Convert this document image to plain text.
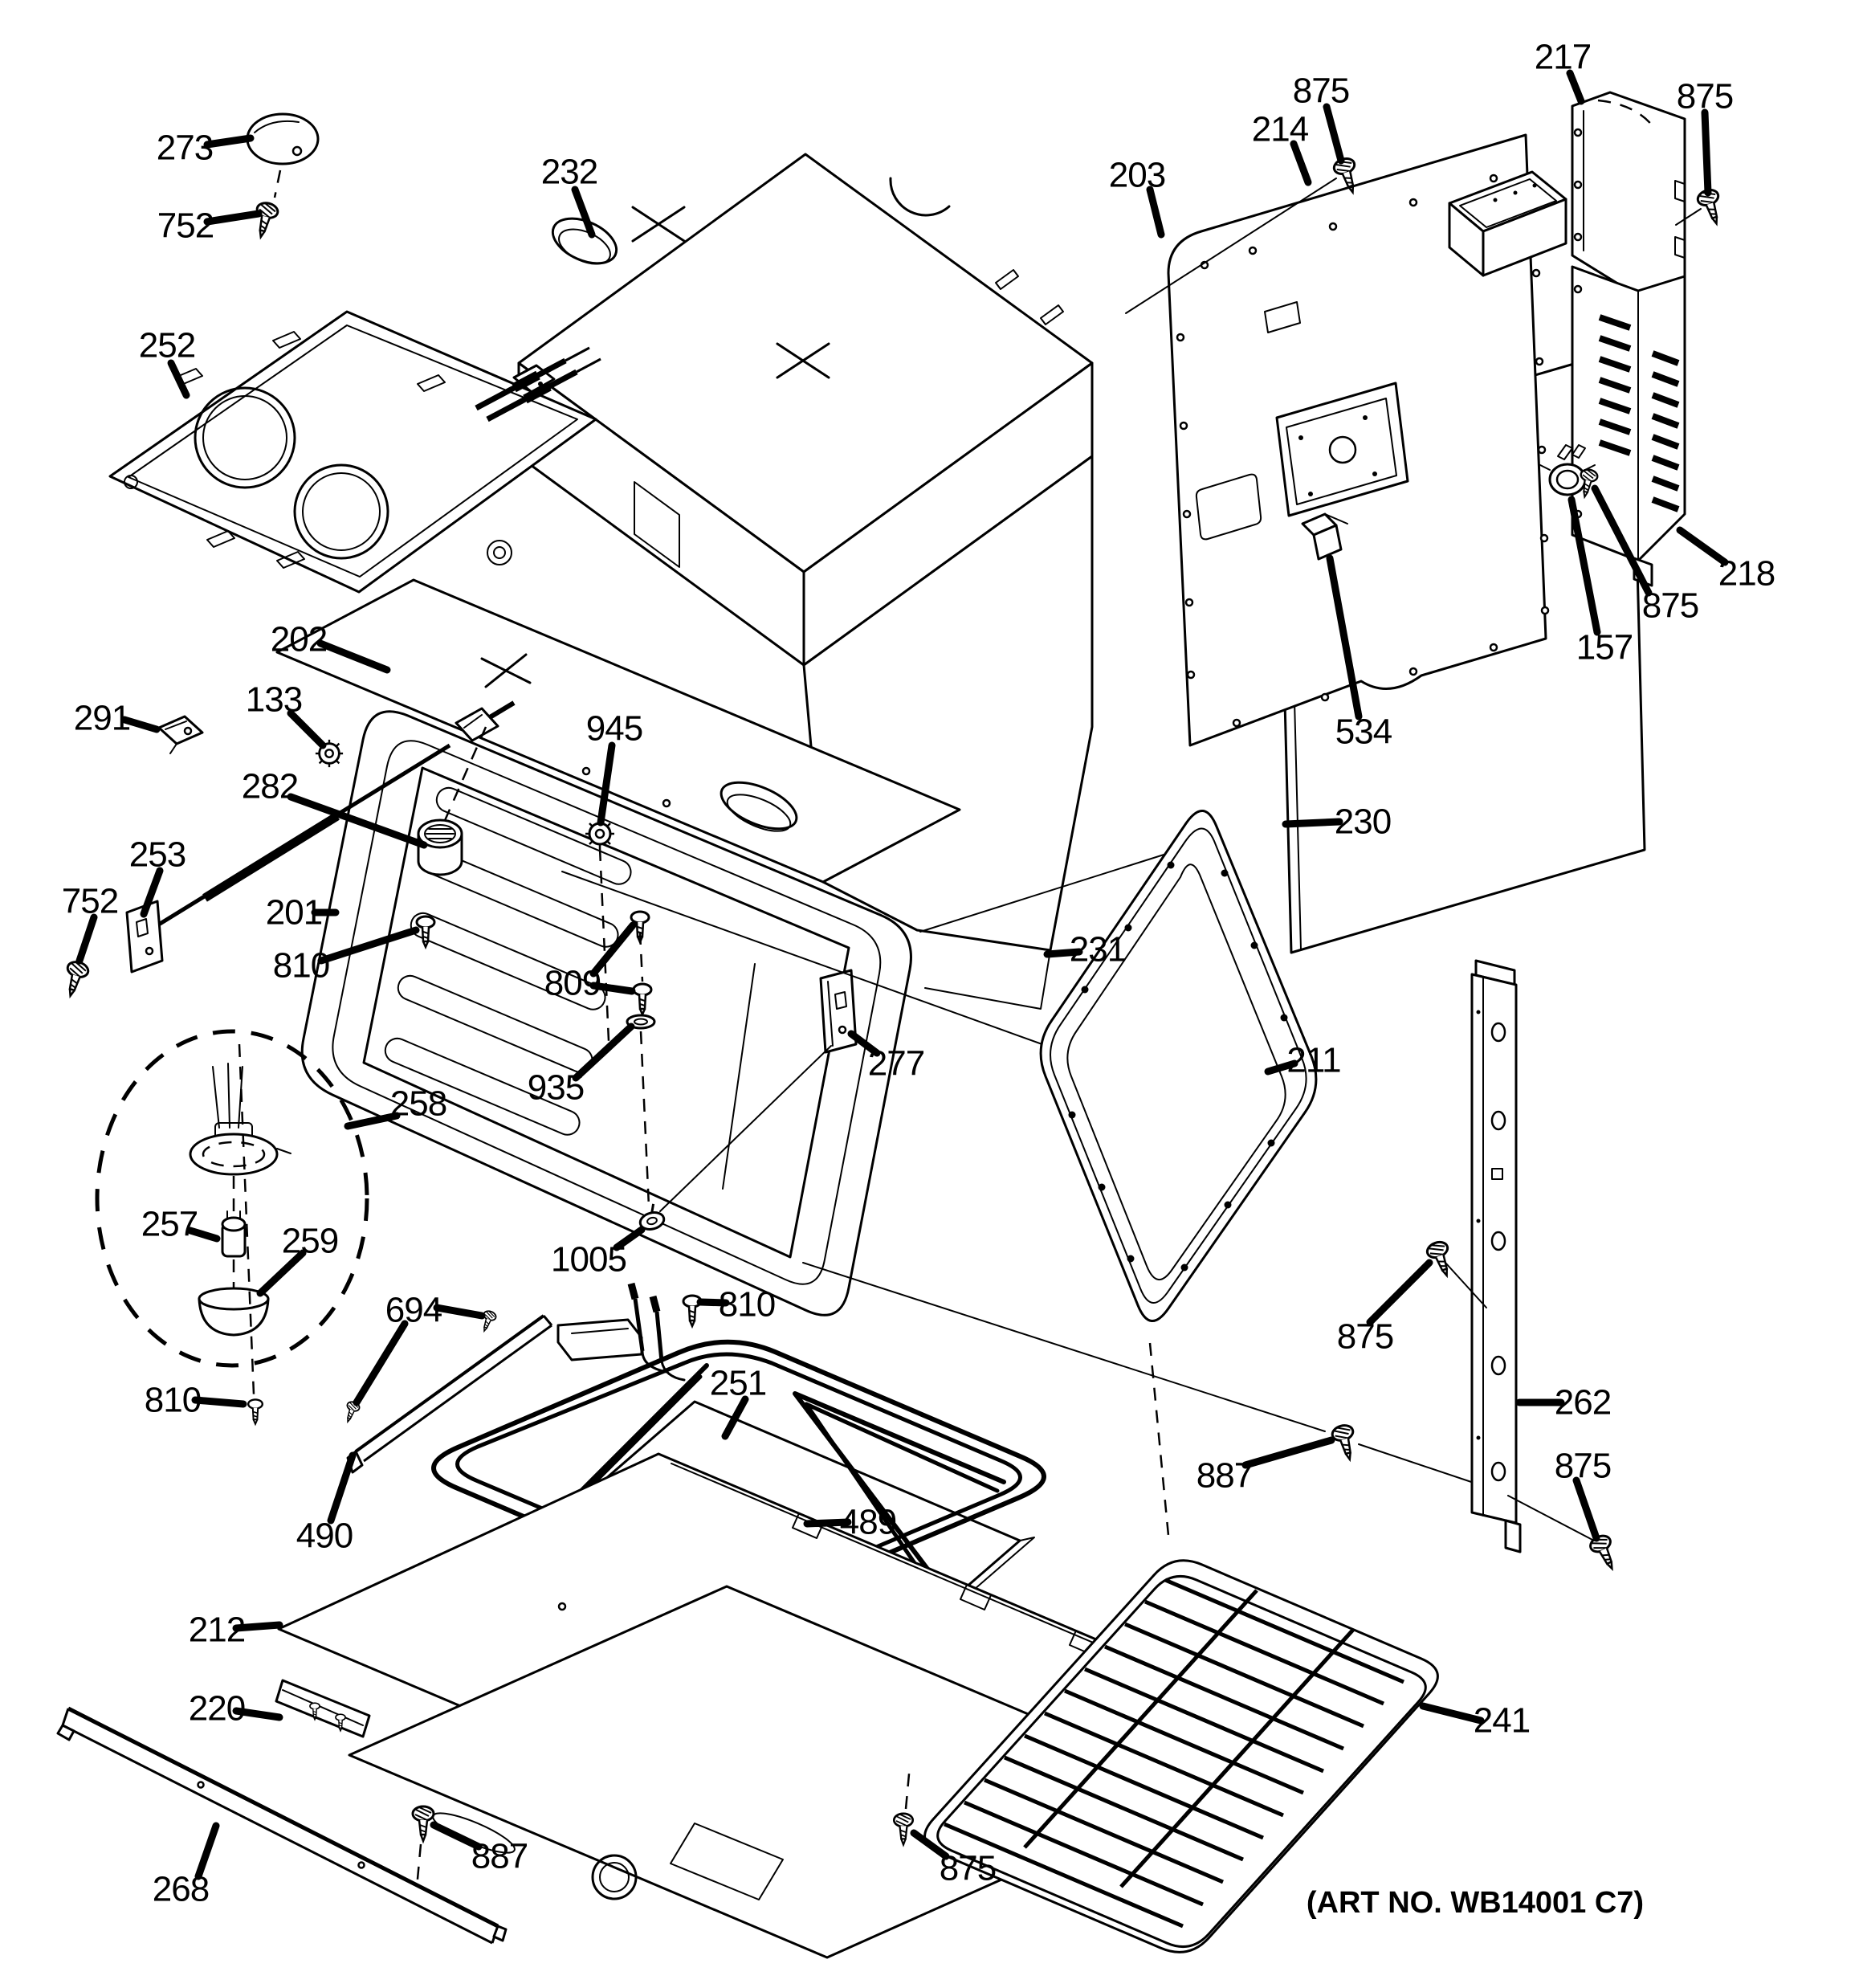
273
752
252
232	203
214
875
217
875
218
875
157
534
230
291	133
202
282
253
752	201
810
945
809
935
277
231
211
258
257 259
810
694
490
1005
810
251
489
212
220
887
268
875
887
262
875
875
241
(ART NO. WB14001 C7)
